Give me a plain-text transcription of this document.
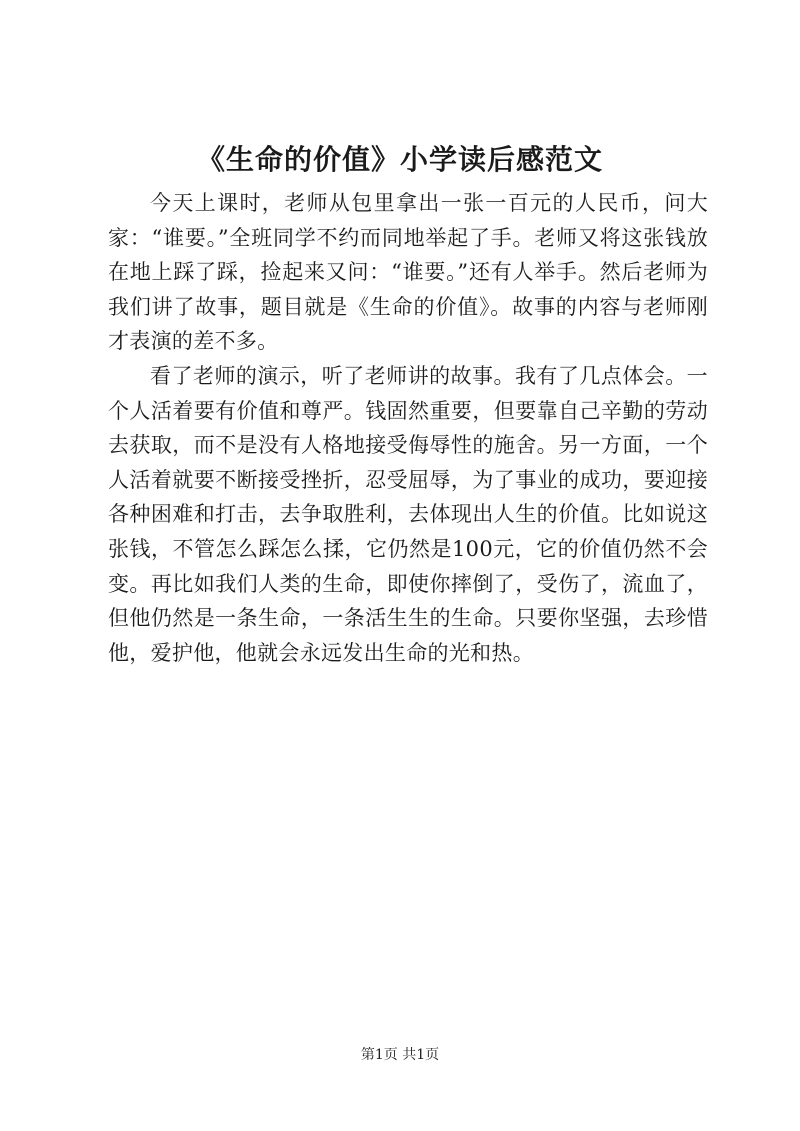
《生命的价值》小学读后感范文

今天上课时，老师从包里拿出一张一百元的人民币，问大家：“谁要。”全班同学不约而同地举起了手。老师又将这张钱放在地上踩了踩，捡起来又问：“谁要。”还有人举手。然后老师为我们讲了故事，题目就是《生命的价值》。故事的内容与老师刚才表演的差不多。

看了老师的演示，听了老师讲的故事。我有了几点体会。一个人活着要有价值和尊严。钱固然重要，但要靠自己辛勤的劳动去获取，而不是没有人格地接受侮辱性的施舍。另一方面，一个人活着就要不断接受挫折，忍受屈辱，为了事业的成功，要迎接各种困难和打击，去争取胜利，去体现出人生的价值。比如说这张钱，不管怎么踩怎么揉，它仍然是100元，它的价值仍然不会变。再比如我们人类的生命，即使你摔倒了，受伤了，流血了，但他仍然是一条生命，一条活生生的生命。只要你坚强，去珍惜他，爱护他，他就会永远发出生命的光和热。

第1页 共1页
